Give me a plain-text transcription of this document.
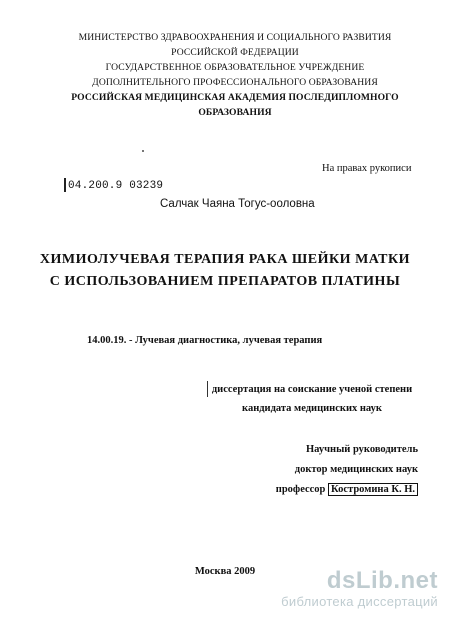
МИНИСТЕРСТВО ЗДРАВООХРАНЕНИЯ И СОЦИАЛЬНОГО РАЗВИТИЯ
РОССИЙСКОЙ ФЕДЕРАЦИИ
ГОСУДАРСТВЕННОЕ ОБРАЗОВАТЕЛЬНОЕ УЧРЕЖДЕНИЕ
ДОПОЛНИТЕЛЬНОГО ПРОФЕССИОНАЛЬНОГО ОБРАЗОВАНИЯ
РОССИЙСКАЯ МЕДИЦИНСКАЯ АКАДЕМИЯ ПОСЛЕДИПЛОМНОГО
ОБРАЗОВАНИЯ
На правах рукописи
04.200.9 03239
Салчак Чаяна Тогус-ооловна
ХИМИОЛУЧЕВАЯ ТЕРАПИЯ РАКА ШЕЙКИ МАТКИ
С ИСПОЛЬЗОВАНИЕМ ПРЕПАРАТОВ ПЛАТИНЫ
14.00.19. - Лучевая диагностика, лучевая терапия
диссертация на соискание ученой степени
кандидата медицинских наук
Научный руководитель
доктор медицинских наук
профессор Костромина К. Н.
Москва 2009	dsLib.net
библиотека диссертаций
